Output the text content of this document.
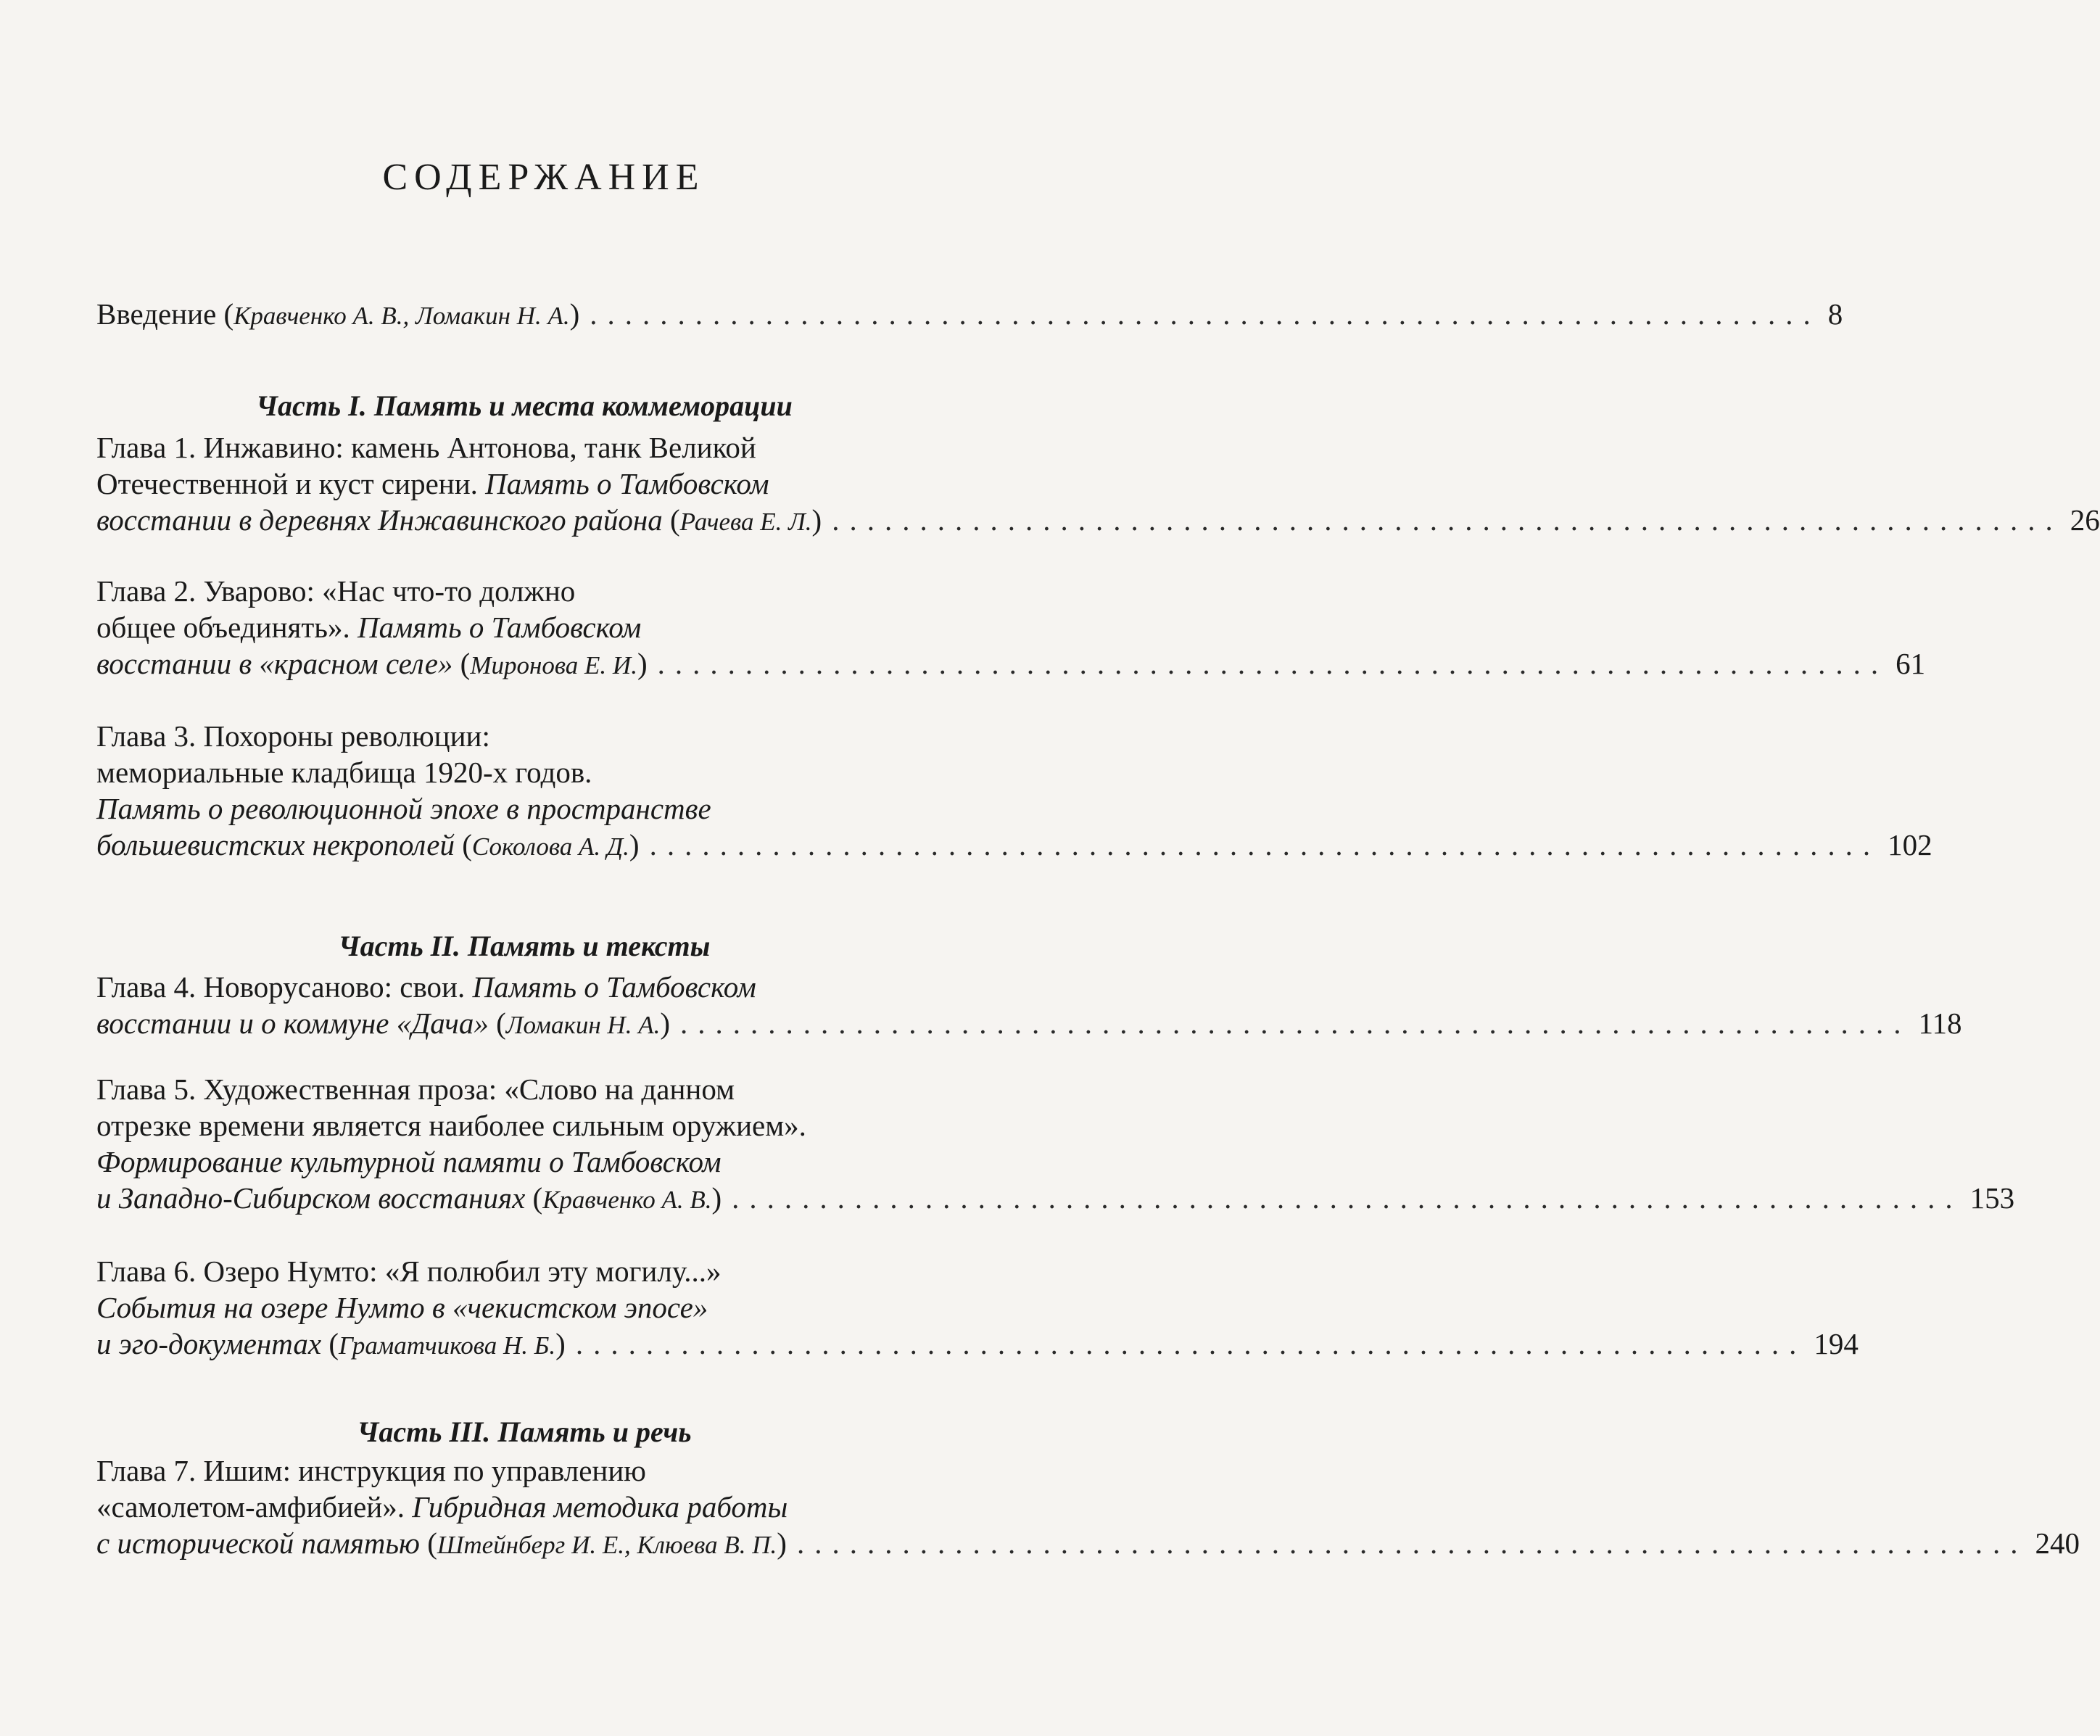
СОДЕРЖАНИЕ
Введение
( Кравченко А. В., Ломакин Н. А. ) ...................................................................... 8
Часть I. Память и места коммеморации
Глава 1. Инжавино: камень Антонова, танк Великой
Отечественной и куст сирени. Память о Тамбовском
восстании в деревнях Инжавинского района
( Рачева Е. Л. ) ...................................................................... 26
Глава 2. Уварово: «Нас что-то должно
общее объединять». Память о Тамбовском
восстании в «красном селе»
( Миронова Е. И. ) ...................................................................... 61
Глава 3. Похороны революции:
мемориальные кладбища 1920-х годов.
Память о революционной эпохе в пространстве
большевистских некрополей
( Соколова А. Д. ) ...................................................................... 102
Часть II. Память и тексты
Глава 4. Новорусаново: свои. Память о Тамбовском
восстании и о коммуне «Дача»
( Ломакин Н. А. ) ...................................................................... 118
Глава 5. Художественная проза: «Слово на данном
отрезке времени является наиболее сильным оружием».
Формирование культурной памяти о Тамбовском
и Западно-Сибирском восстаниях
( Кравченко А. В. ) ...................................................................... 153
Глава 6. Озеро Нумто: «Я полюбил эту могилу...»
События на озере Нумто в «чекистском эпосе»
и эго-документах
( Граматчикова Н. Б. ) ...................................................................... 194
Часть III. Память и речь
Глава 7. Ишим: инструкция по управлению
«самолетом-амфибией». Гибридная методика работы
с исторической памятью
( Штейнберг И. Е., Клюева В. П. ) ...................................................................... 240
